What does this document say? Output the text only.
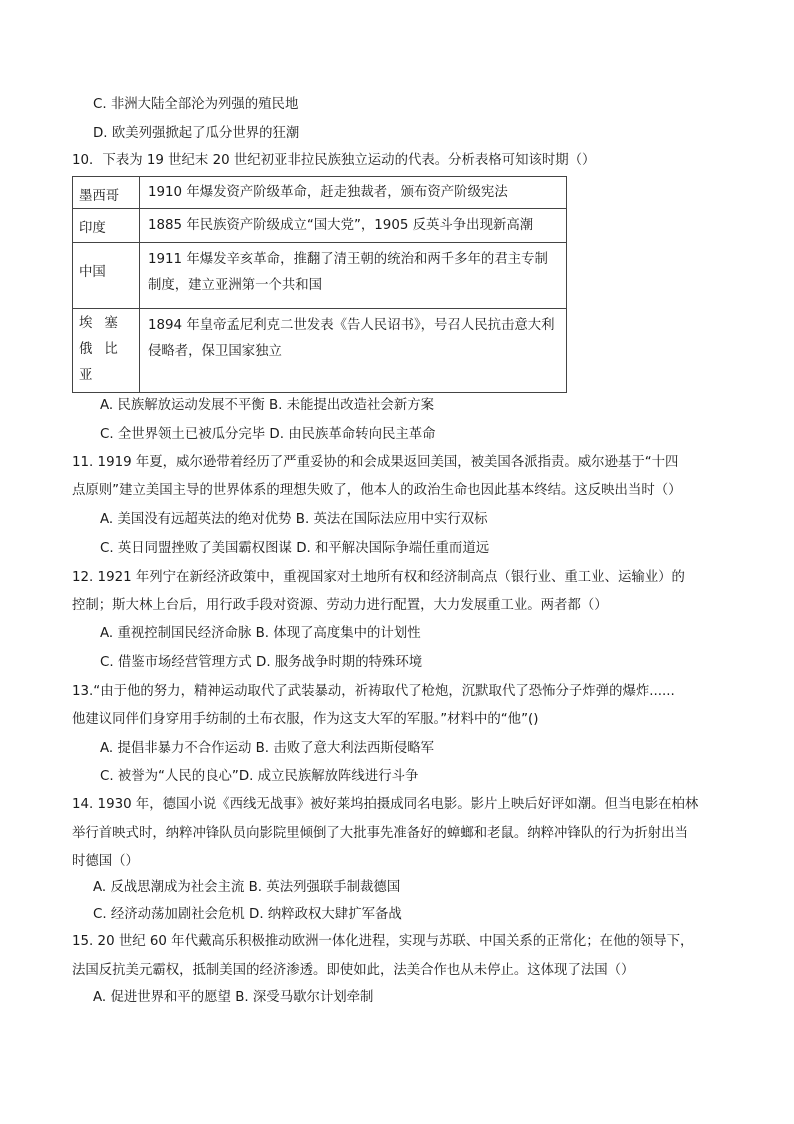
C. 非洲大陆全部沦为列强的殖民地
D. 欧美列强掀起了瓜分世界的狂潮
10．下表为 19 世纪末 20 世纪初亚非拉民族独立运动的代表。分析表格可知该时期（）
墨西哥	1910 年爆发资产阶级革命，赶走独裁者，颁布资产阶级宪法
印度	1885 年民族资产阶级成立“国大党”，1905 反英斗争出现新高潮
中国	1911 年爆发辛亥革命，推翻了清王朝的统治和两千多年的君主专制制度，建立亚洲第一个共和国
埃塞俄比亚	1894 年皇帝孟尼利克二世发表《告人民诏书》，号召人民抗击意大利侵略者，保卫国家独立
A. 民族解放运动发展不平衡 B. 未能提出改造社会新方案
C. 全世界领土已被瓜分完毕 D. 由民族革命转向民主革命
11. 1919 年夏，威尔逊带着经历了严重妥协的和会成果返回美国，被美国各派指责。威尔逊基于“十四
点原则”建立美国主导的世界体系的理想失败了，他本人的政治生命也因此基本终结。这反映出当时（）
A. 美国没有远超英法的绝对优势 B. 英法在国际法应用中实行双标
C. 英日同盟挫败了美国霸权图谋 D. 和平解决国际争端任重而道远
12. 1921 年列宁在新经济政策中，重视国家对土地所有权和经济制高点（银行业、重工业、运输业）的
控制；斯大林上台后，用行政手段对资源、劳动力进行配置，大力发展重工业。两者都（）
A. 重视控制国民经济命脉 B. 体现了高度集中的计划性
C. 借鉴市场经营管理方式 D. 服务战争时期的特殊环境
13.“由于他的努力，精神运动取代了武装暴动，祈祷取代了枪炮，沉默取代了恐怖分子炸弹的爆炸......
他建议同伴们身穿用手纺制的土布衣服，作为这支大军的军服。”材料中的“他”()
A. 提倡非暴力不合作运动 B. 击败了意大利法西斯侵略军
C. 被誉为“人民的良心”D. 成立民族解放阵线进行斗争
14. 1930 年，德国小说《西线无战事》被好莱坞拍摄成同名电影。影片上映后好评如潮。但当电影在柏林
举行首映式时，纳粹冲锋队员向影院里倾倒了大批事先准备好的蟑螂和老鼠。纳粹冲锋队的行为折射出当
时德国（）
A. 反战思潮成为社会主流 B. 英法列强联手制裁德国
C. 经济动荡加剧社会危机 D. 纳粹政权大肆扩军备战
15. 20 世纪 60 年代戴高乐积极推动欧洲一体化进程，实现与苏联、中国关系的正常化；在他的领导下，
法国反抗美元霸权，抵制美国的经济渗透。即使如此，法美合作也从未停止。这体现了法国（）
A. 促进世界和平的愿望 B. 深受马歇尔计划牵制
